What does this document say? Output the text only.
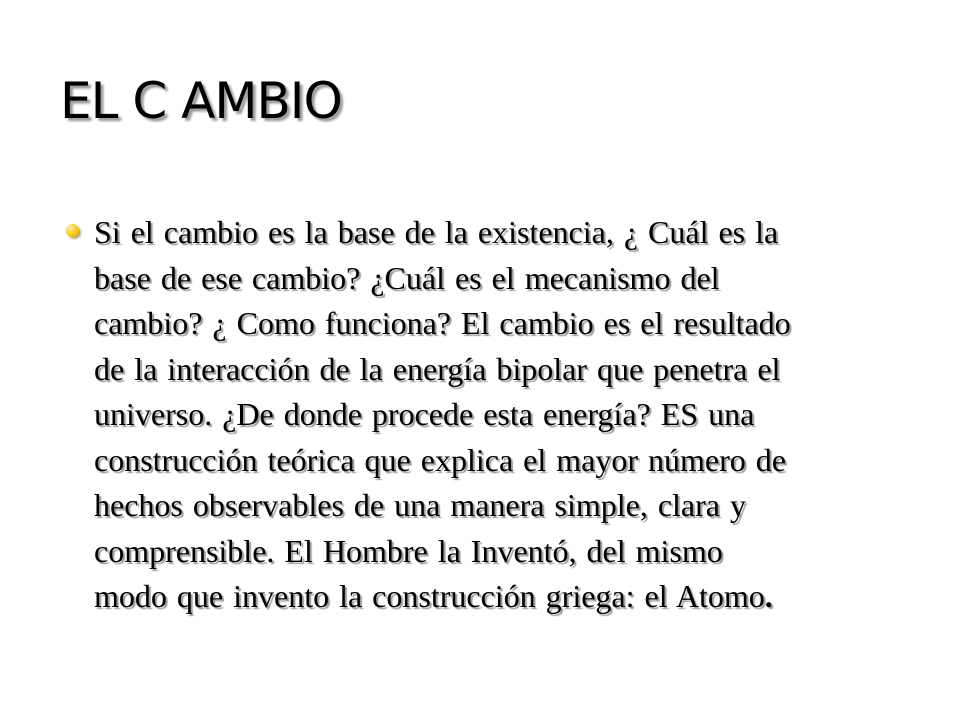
EL C AMBIO

Si el cambio es la base de la existencia, ¿ Cuál es la
base de ese cambio? ¿Cuál es el mecanismo del
cambio? ¿ Como funciona? El cambio es el resultado
de la interacción de la energía bipolar que penetra el
universo. ¿De donde procede esta energía? ES una
construcción teórica que explica el mayor número de
hechos observables de una manera simple, clara y
comprensible. El Hombre la Inventó, del mismo
modo que invento la construcción griega: el Atomo.
